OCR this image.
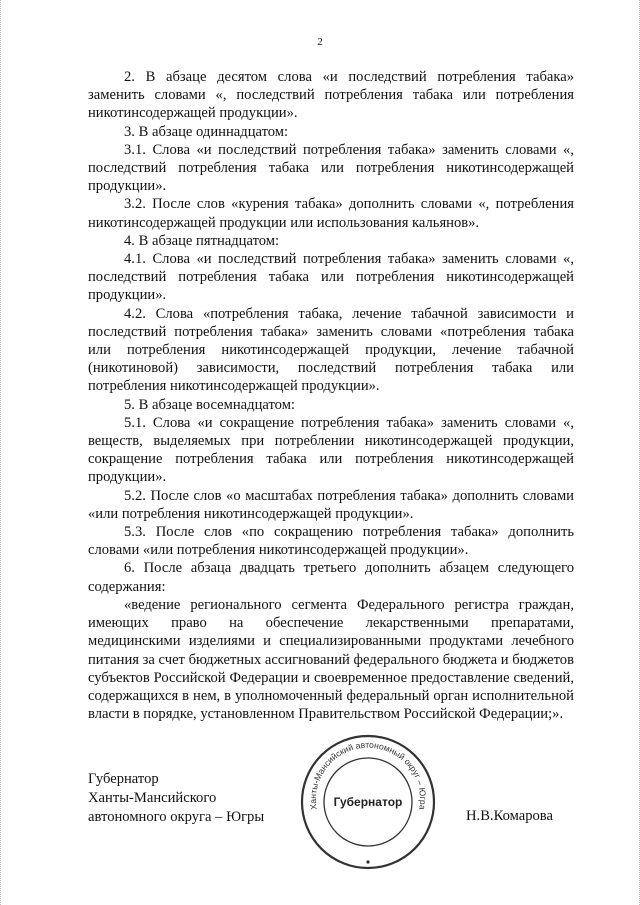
2

2. В абзаце десятом слова «и последствий потребления табака» заменить словами «, последствий потребления табака или потребления никотинсодержащей продукции».

3. В абзаце одиннадцатом:

3.1. Слова «и последствий потребления табака» заменить словами «, последствий потребления табака или потребления никотинсодержащей продукции».

3.2. После слов «курения табака» дополнить словами «, потребления никотинсодержащей продукции или использования кальянов».

4. В абзаце пятнадцатом:

4.1. Слова «и последствий потребления табака» заменить словами «, последствий потребления табака или потребления никотинсодержащей продукции».

4.2. Слова «потребления табака, лечение табачной зависимости и последствий потребления табака» заменить словами «потребления табака или потребления никотинсодержащей продукции, лечение табачной (никотиновой) зависимости, последствий потребления табака или потребления никотинсодержащей продукции».

5. В абзаце восемнадцатом:

5.1. Слова «и сокращение потребления табака» заменить словами «, веществ, выделяемых при потреблении никотинсодержащей продукции, сокращение потребления табака или потребления никотинсодержащей продукции».

5.2. После слов «о масштабах потребления табака» дополнить словами «или потребления никотинсодержащей продукции».

5.3. После слов «по сокращению потребления табака» дополнить словами «или потребления никотинсодержащей продукции».

6. После абзаца двадцать третьего дополнить абзацем следующего содержания:

«ведение регионального сегмента Федерального регистра граждан, имеющих право на обеспечение лекарственными препаратами, медицинскими изделиями и специализированными продуктами лечебного питания за счет бюджетных ассигнований федерального бюджета и бюджетов субъектов Российской Федерации и своевременное предоставление сведений, содержащихся в нем, в уполномоченный федеральный орган исполнительной власти в порядке, установленном Правительством Российской Федерации;».

Губернатор
Ханты-Мансийского
автономного округа – Югры
Ханты-Мансийский автономный округ – Югра
Губернатор
Н.В.Комарова
